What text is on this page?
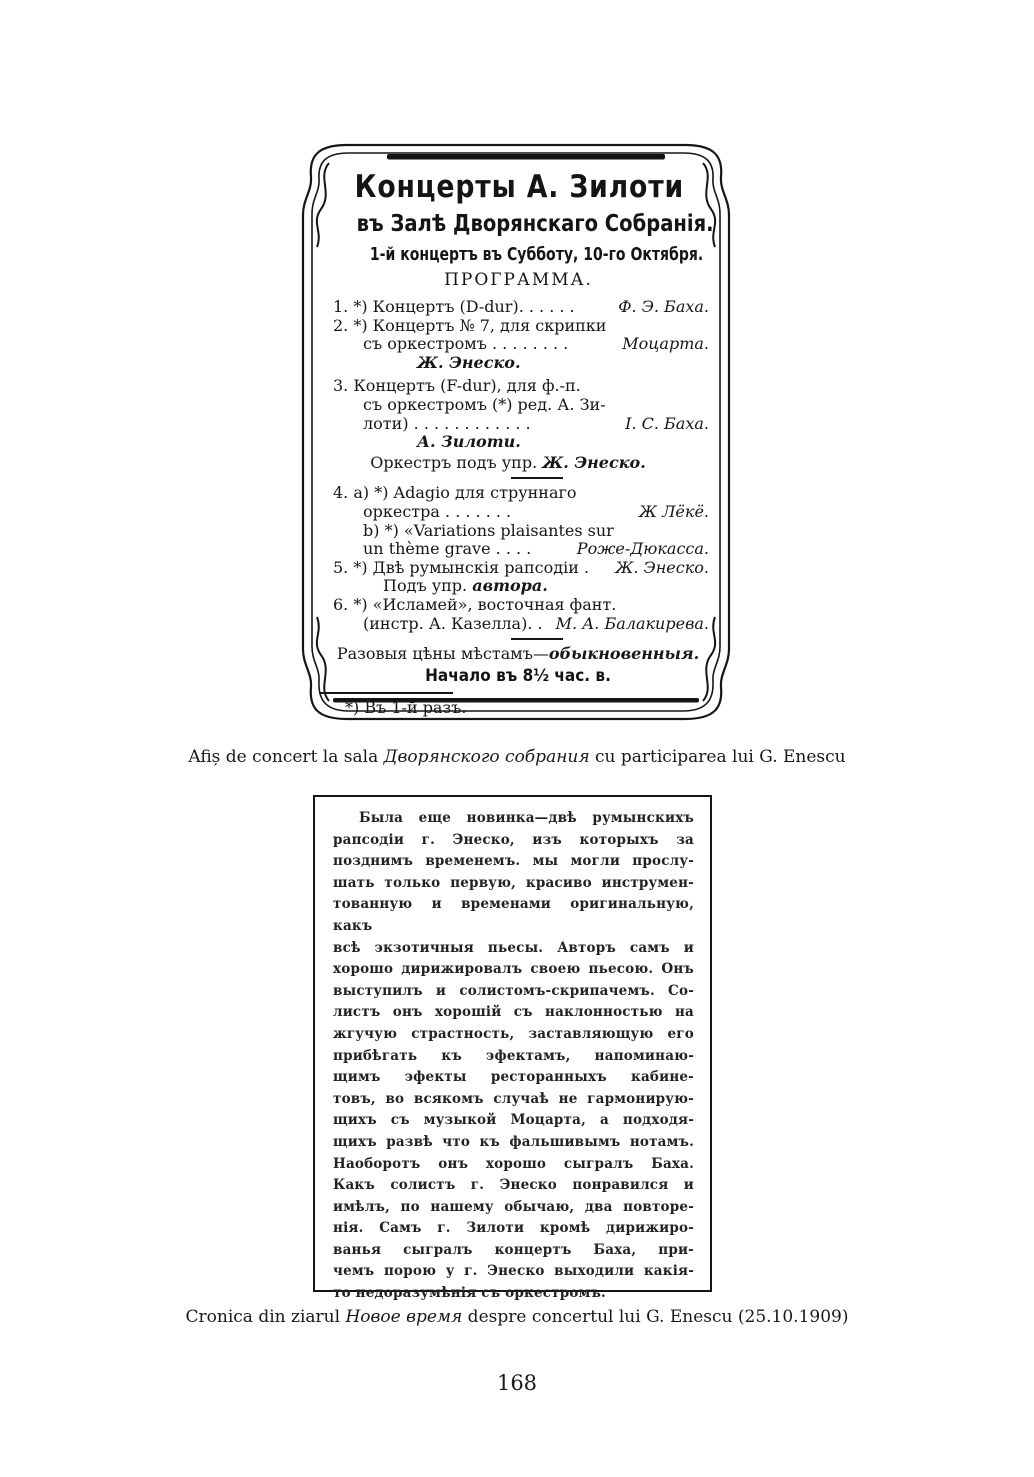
Концерты А. Зилоти
въ Залѣ Дворянскаго Собранія.
1-й концертъ въ Субботу, 10-го Октября.
ПРОГРАММА.
1. *) Концертъ (D-dur). . . . . .	Ф. Э. Баха.
2. *) Концертъ № 7, для скрипки
съ оркестромъ . . . . . . . .	Моцарта.
Ж. Энеско.
3. Концертъ (F-dur), для ф.-п.
съ оркестромъ (*) ред. А. Зи-
лоти) . . . . . . . . . . . .	I. С. Баха.
А. Зилоти.
Оркестръ подъ упр. Ж. Энеско.
4. a) *) Adagio для струннаго
оркестра . . . . . . .	Ж Лёкё.
b) *) «Variations plaisantes sur
un thème grave . . . .	Роже-Дюкасса.
5. *) Двѣ румынскія рапсодіи . Ж. Энеско.
Подъ упр. автора.
6. *) «Исламей», восточная фант.
(инстр. А. Казелла). . М. А. Балакирева.
Разовыя цѣны мѣстамъ—обыкновенныя.
Начало въ 8½ час. в.
*) Въ 1-й разъ.
Afiș de concert la sala Дворянского собрания cu participarea lui G. Enescu
Была еще новинка—двѣ румынскихъ
рапсодіи г. Энеско, изъ которыхъ за
позднимъ временемъ. мы могли прослу-
шать только первую, красиво инструмен-
тованную и временами оригинальную, какъ
всѣ экзотичныя пьесы. Авторъ самъ и
хорошо дирижировалъ своею пьесою. Онъ
выступилъ и солистомъ-скрипачемъ. Со-
листъ онъ хорошій съ наклонностью на
жгучую страстность, заставляющую его
прибѣгать къ эфектамъ, напоминаю-
щимъ эфекты ресторанныхъ кабине-
товъ, во всякомъ случаѣ не гармонирую-
щихъ съ музыкой Моцарта, а подходя-
щихъ развѣ что къ фальшивымъ нотамъ.
Наоборотъ онъ хорошо сыгралъ Баха.
Какъ солистъ г. Энеско понравился и
имѣлъ, по нашему обычаю, два повторе-
нія. Самъ г. Зилоти кромѣ дирижиро-
ванья сыгралъ концертъ Баха, при-
чемъ порою у г. Энеско выходили какія-
то недоразумѣнія съ оркестромъ.
Cronica din ziarul Новое время despre concertul lui G. Enescu (25.10.1909)
168
